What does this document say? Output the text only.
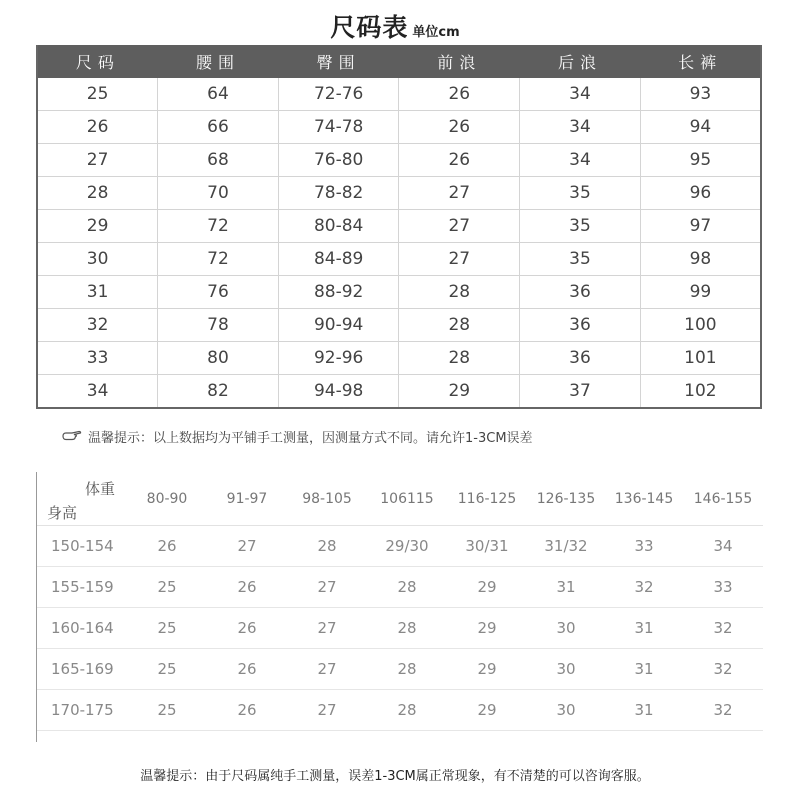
尺码表 单位cm
尺码	腰围	臀围	前浪	后浪	长裤
25	64	72-76	26	34	93
26	66	74-78	26	34	94
27	68	76-80	26	34	95
28	70	78-82	27	35	96
29	72	80-84	27	35	97
30	72	84-89	27	35	98
31	76	88-92	28	36	99
32	78	90-94	28	36	100
33	80	92-96	28	36	101
34	82	94-98	29	37	102
温馨提示： 以上数据均为平铺手工测量，因测量方式不同。请允许1-3CM误差
体重
身高	80-90	91-97	98-105	106115	116-125	126-135	136-145	146-155
150-154	26	27	28	29/30	30/31	31/32	33	34
155-159	25	26	27	28	29	31	32	33
160-164	25	26	27	28	29	30	31	32
165-169	25	26	27	28	29	30	31	32
170-175	25	26	27	28	29	30	31	32
温馨提示：由于尺码属纯手工测量，误差1-3CM属正常现象，有不清楚的可以咨询客服。
